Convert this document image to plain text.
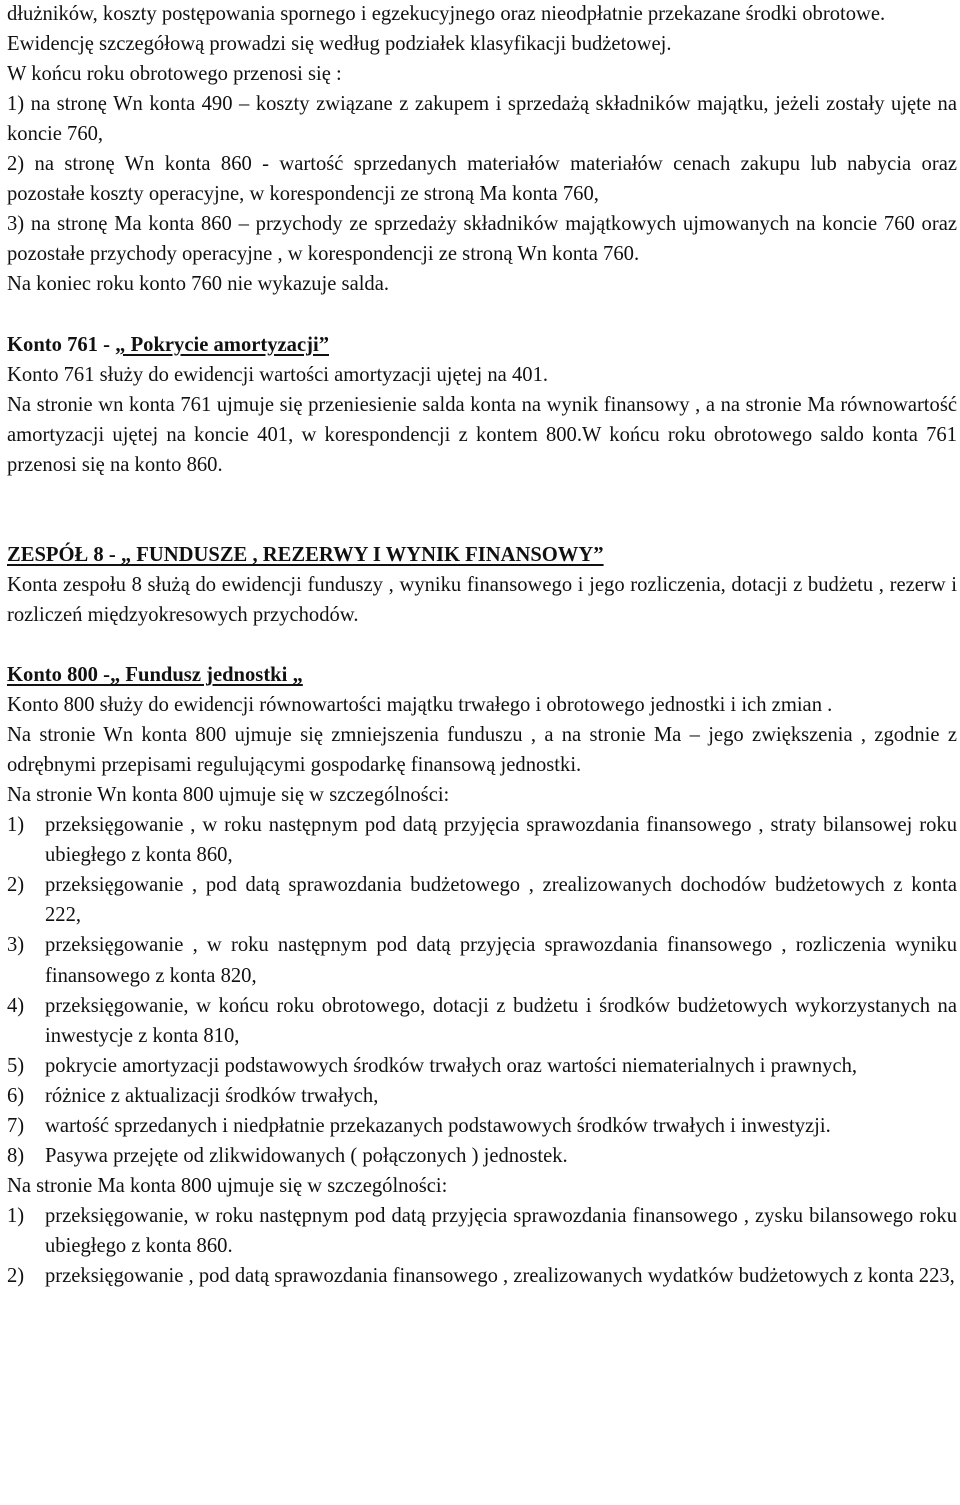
dłużników, koszty postępowania spornego i egzekucyjnego oraz nieodpłatnie przekazane środki obrotowe.

Ewidencję szczegółową prowadzi się według podziałek klasyfikacji budżetowej.

W końcu roku obrotowego przenosi się :

1) na stronę Wn konta 490 – koszty związane z zakupem i sprzedażą składników majątku, jeżeli zostały ujęte na koncie 760,

2) na stronę Wn konta 860 - wartość sprzedanych materiałów materiałów cenach zakupu lub nabycia oraz pozostałe koszty operacyjne, w korespondencji ze stroną Ma konta 760,

3) na stronę Ma konta 860 – przychody ze sprzedaży składników majątkowych ujmowanych na koncie 760 oraz pozostałe przychody operacyjne , w korespondencji ze stroną Wn konta 760.

Na koniec roku konto 760 nie wykazuje salda.

Konto 761 - „ Pokrycie amortyzacji”

Konto 761 służy do ewidencji wartości amortyzacji ujętej na 401.

Na stronie wn konta 761 ujmuje się przeniesienie salda konta na wynik finansowy , a na stronie Ma równowartość amortyzacji ujętej na koncie 401, w korespondencji z kontem 800.W końcu roku obrotowego saldo konta 761 przenosi się na konto 860.

ZESPÓŁ 8 - „ FUNDUSZE , REZERWY I WYNIK FINANSOWY”

Konta zespołu 8 służą do ewidencji funduszy , wyniku finansowego i jego rozliczenia, dotacji z budżetu , rezerw i rozliczeń międzyokresowych przychodów.

Konto 800 -„ Fundusz jednostki „

Konto 800 służy do ewidencji równowartości majątku trwałego i obrotowego jednostki i ich zmian .

Na stronie Wn konta 800 ujmuje się zmniejszenia funduszu , a na stronie Ma – jego zwiększenia , zgodnie z odrębnymi przepisami regulującymi gospodarkę finansową jednostki.

Na stronie Wn konta 800 ujmuje się w szczególności:

1) przeksięgowanie , w roku następnym pod datą przyjęcia sprawozdania finansowego , straty bilansowej roku ubiegłego z konta 860,
2) przeksięgowanie , pod datą sprawozdania budżetowego , zrealizowanych dochodów budżetowych z konta 222,
3) przeksięgowanie , w roku następnym pod datą przyjęcia sprawozdania finansowego , rozliczenia wyniku finansowego z konta 820,
4) przeksięgowanie, w końcu roku obrotowego, dotacji z budżetu i środków budżetowych wykorzystanych na inwestycje z konta 810,
5) pokrycie amortyzacji podstawowych środków trwałych oraz wartości niematerialnych i prawnych,
6) różnice z aktualizacji środków trwałych,
7) wartość sprzedanych i niedpłatnie przekazanych podstawowych środków trwałych i inwestyzji.
8) Pasywa przejęte od zlikwidowanych ( połączonych ) jednostek.

Na stronie Ma konta 800 ujmuje się w szczególności:

1) przeksięgowanie, w roku następnym pod datą przyjęcia sprawozdania finansowego , zysku bilansowego roku ubiegłego z konta 860.
2) przeksięgowanie , pod datą sprawozdania finansowego , zrealizowanych wydatków budżetowych z konta 223,
